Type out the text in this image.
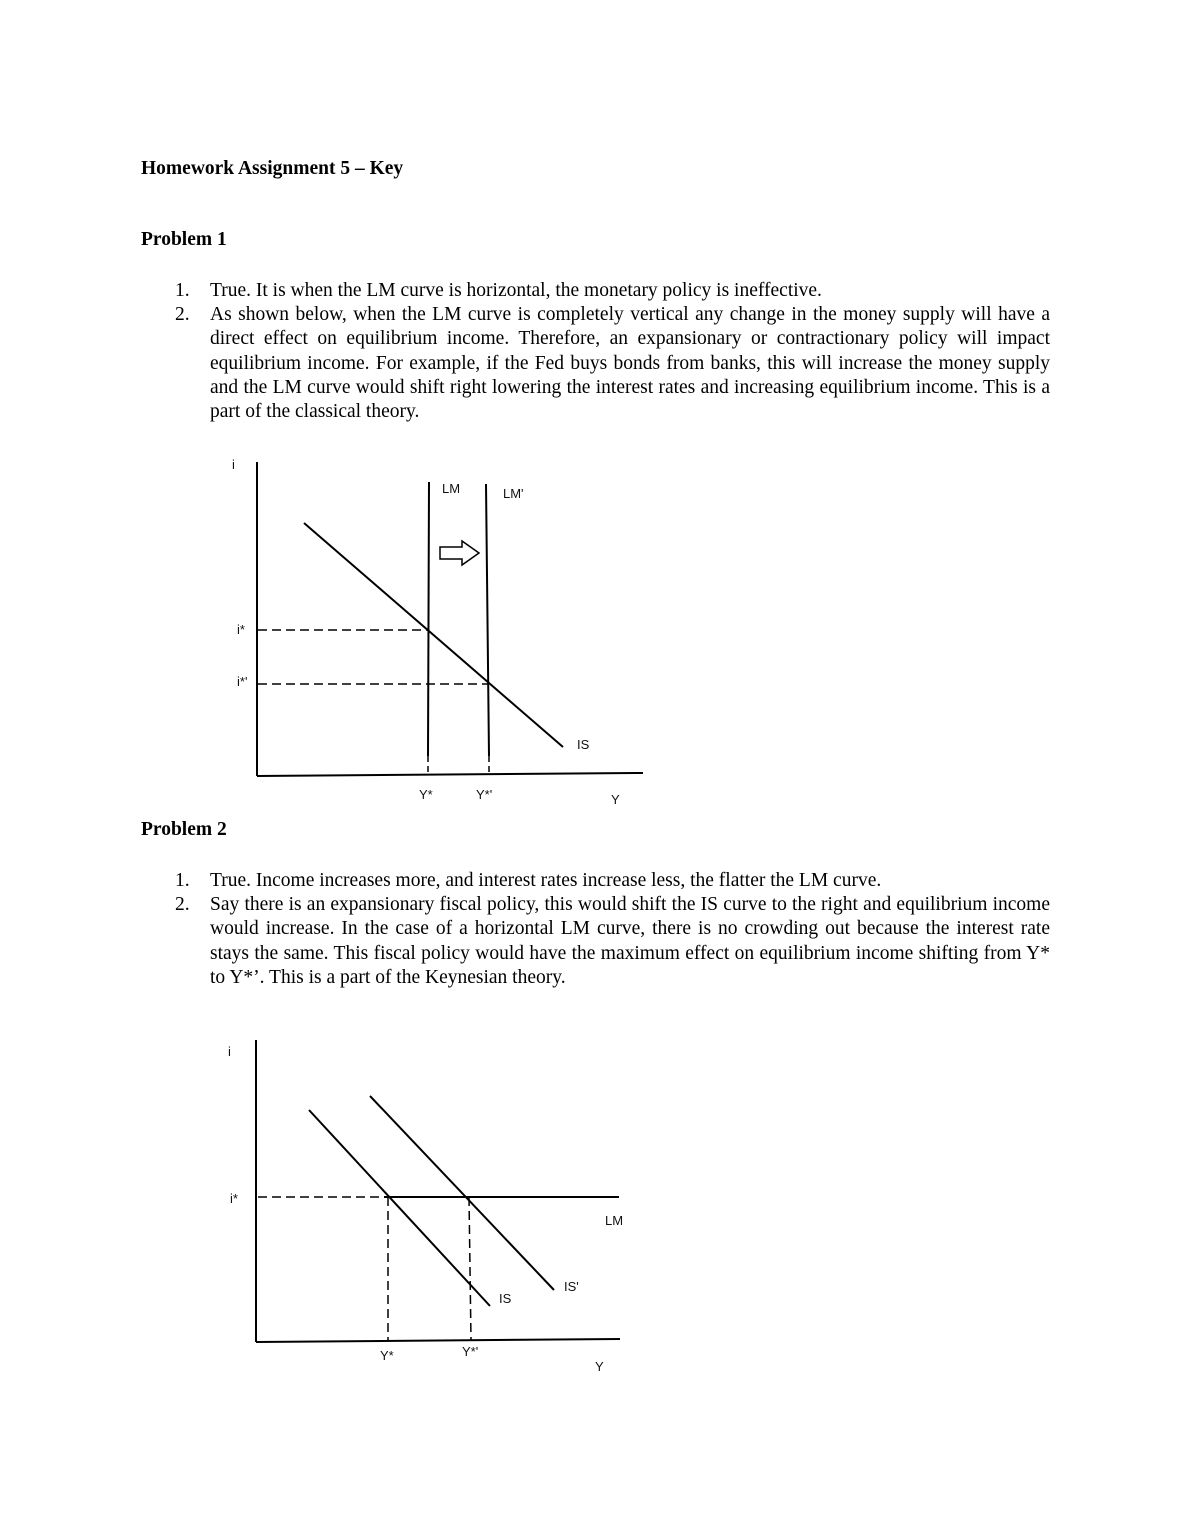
Homework Assignment 5 – Key
Problem 1
1.	True. It is when the LM curve is horizontal, the monetary policy is ineffective.
2.	As shown below, when the LM curve is completely vertical any change in the money supply will have a direct effect on equilibrium income. Therefore, an expansionary or contractionary policy will impact equilibrium income. For example, if the Fed buys bonds from banks, this will increase the money supply and the LM curve would shift right lowering the interest rates and increasing equilibrium income. This is a part of the classical theory.
i
Y
LM	LM'
IS
i*
i*'
Y*	Y*'
Problem 2
1.	True. Income increases more, and interest rates increase less, the flatter the LM curve.
2.	Say there is an expansionary fiscal policy, this would shift the IS curve to the right and equilibrium income would increase. In the case of a horizontal LM curve, there is no crowding out because the interest rate stays the same. This fiscal policy would have the maximum effect on equilibrium income shifting from Y* to Y*’. This is a part of the Keynesian theory.
i
Y
LM
i*
IS
IS'
Y*	Y*'
